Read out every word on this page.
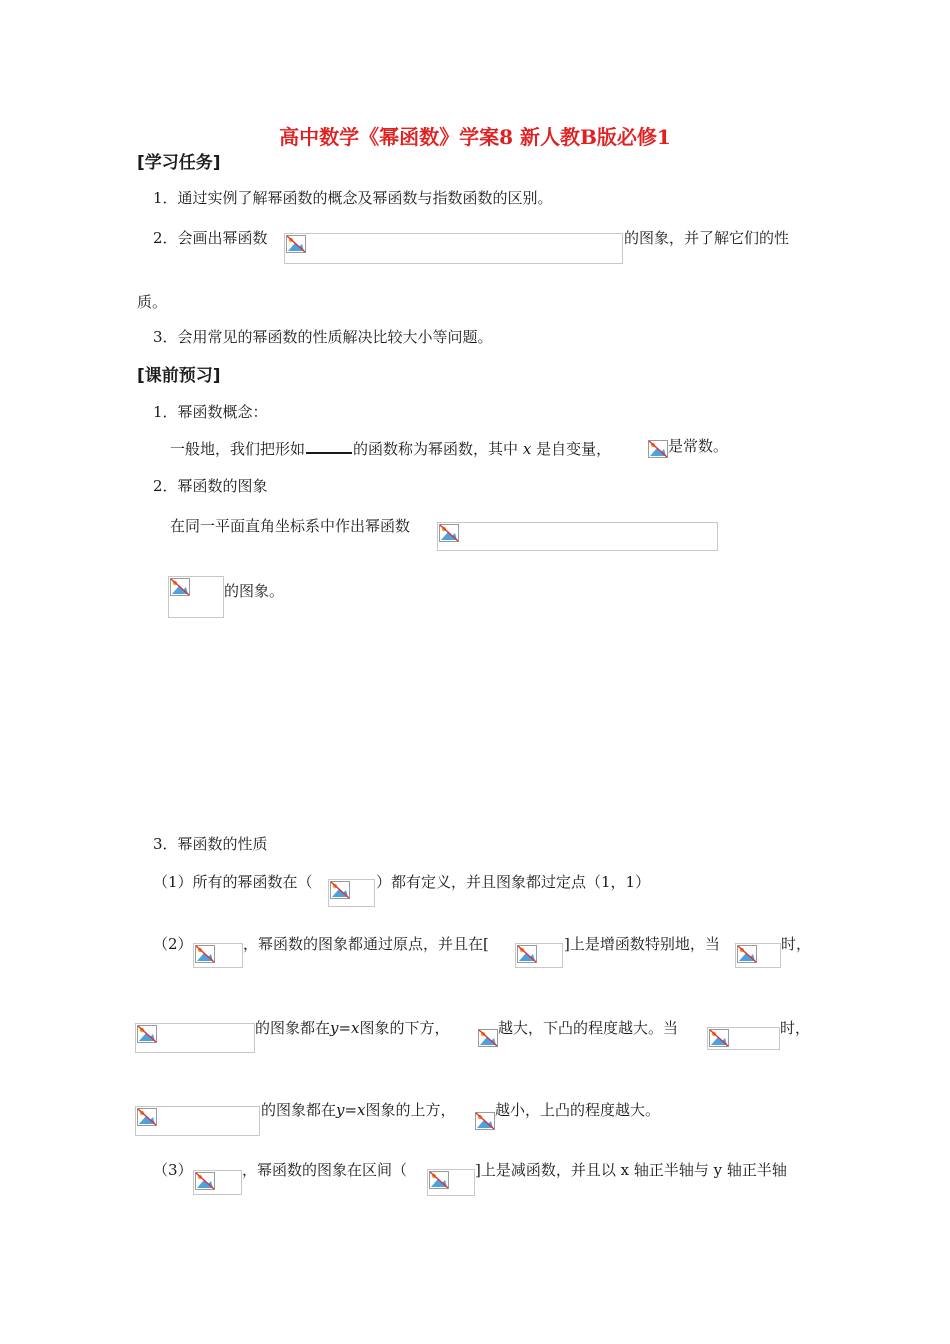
高中数学《幂函数》学案8 新人教B版必修1
[学习任务]
1．通过实例了解幂函数的概念及幂函数与指数函数的区别。
2．会画出幂函数	的图象，并了解它们的性
质。
3．会用常见的幂函数的性质解决比较大小等问题。
[课前预习]
1．幂函数概念：
一般地，我们把形如	的函数称为幂函数，其中 x 是自变量，	是常数。
2．幂函数的图象
在同一平面直角坐标系中作出幂函数
的图象。
3．幂函数的性质
（1）所有的幂函数在（	）都有定义，并且图象都过定点（1，1）
（2）	，幂函数的图象都通过原点，并且在[	]上是增函数特别地，当	时，
的图象都在y=x图象的下方，	越大，下凸的程度越大。当	时，
的图象都在y=x图象的上方，	越小，上凸的程度越大。
（3）	，幂函数的图象在区间（	]上是减函数，并且以 x 轴正半轴与 y 轴正半轴
